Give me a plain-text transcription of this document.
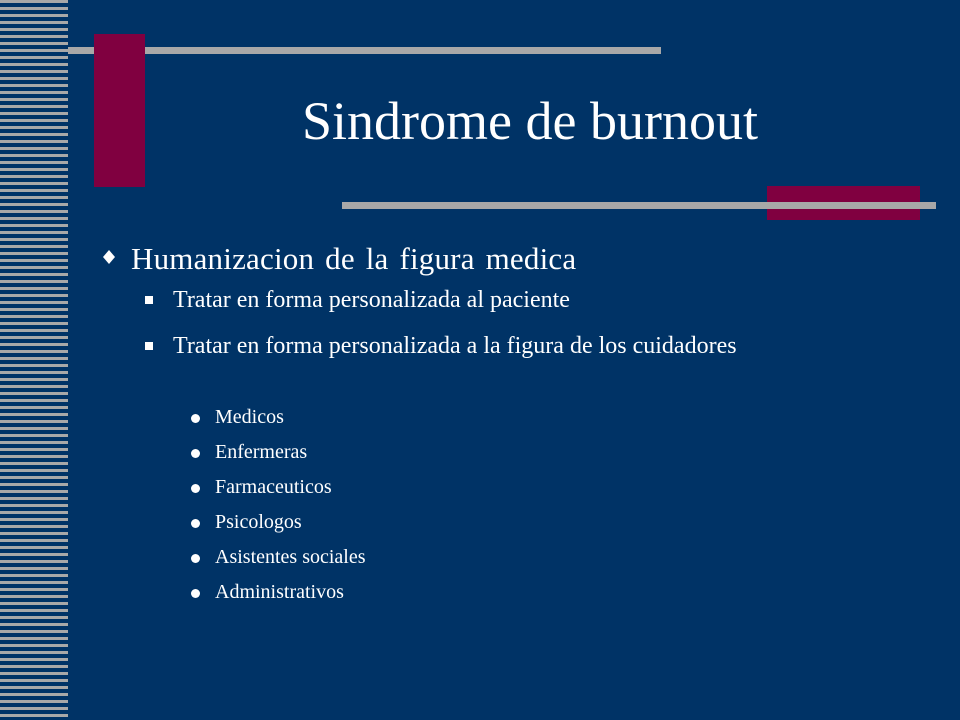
Sindrome de burnout
Humanizacion de la figura medica
Tratar en forma personalizada al paciente
Tratar en forma personalizada a la figura de los cuidadores
Medicos
Enfermeras
Farmaceuticos
Psicologos
Asistentes sociales
Administrativos
